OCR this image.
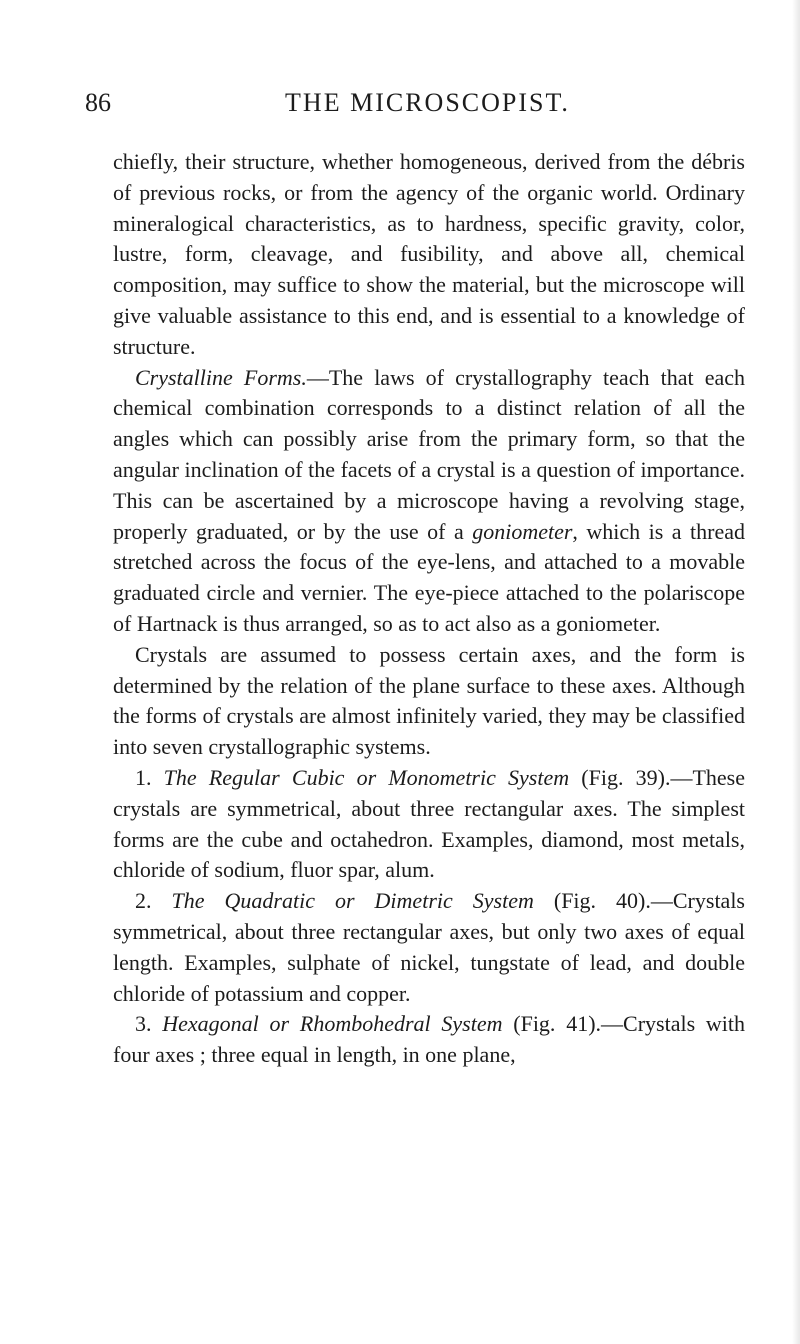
86	THE MICROSCOPIST.

chiefly, their structure, whether homogeneous, derived from the débris of previous rocks, or from the agency of the organic world. Ordinary mineralogical characteristics, as to hardness, specific gravity, color, lustre, form, cleavage, and fusibility, and above all, chemical composition, may suffice to show the material, but the microscope will give valuable assistance to this end, and is essential to a knowledge of structure.

Crystalline Forms.—The laws of crystallography teach that each chemical combination corresponds to a distinct relation of all the angles which can possibly arise from the primary form, so that the angular inclination of the facets of a crystal is a question of importance. This can be ascertained by a microscope having a revolving stage, properly graduated, or by the use of a goniometer, which is a thread stretched across the focus of the eye-lens, and attached to a movable graduated circle and vernier. The eye-piece attached to the polariscope of Hartnack is thus arranged, so as to act also as a goniometer.

Crystals are assumed to possess certain axes, and the form is determined by the relation of the plane surface to these axes. Although the forms of crystals are almost infinitely varied, they may be classified into seven crystallographic systems.

1. The Regular Cubic or Monometric System (Fig. 39).—These crystals are symmetrical, about three rectangular axes. The simplest forms are the cube and octahedron. Examples, diamond, most metals, chloride of sodium, fluor spar, alum.

2. The Quadratic or Dimetric System (Fig. 40).—Crystals symmetrical, about three rectangular axes, but only two axes of equal length. Examples, sulphate of nickel, tungstate of lead, and double chloride of potassium and copper.

3. Hexagonal or Rhombohedral System (Fig. 41).—Crystals with four axes ; three equal in length, in one plane,
